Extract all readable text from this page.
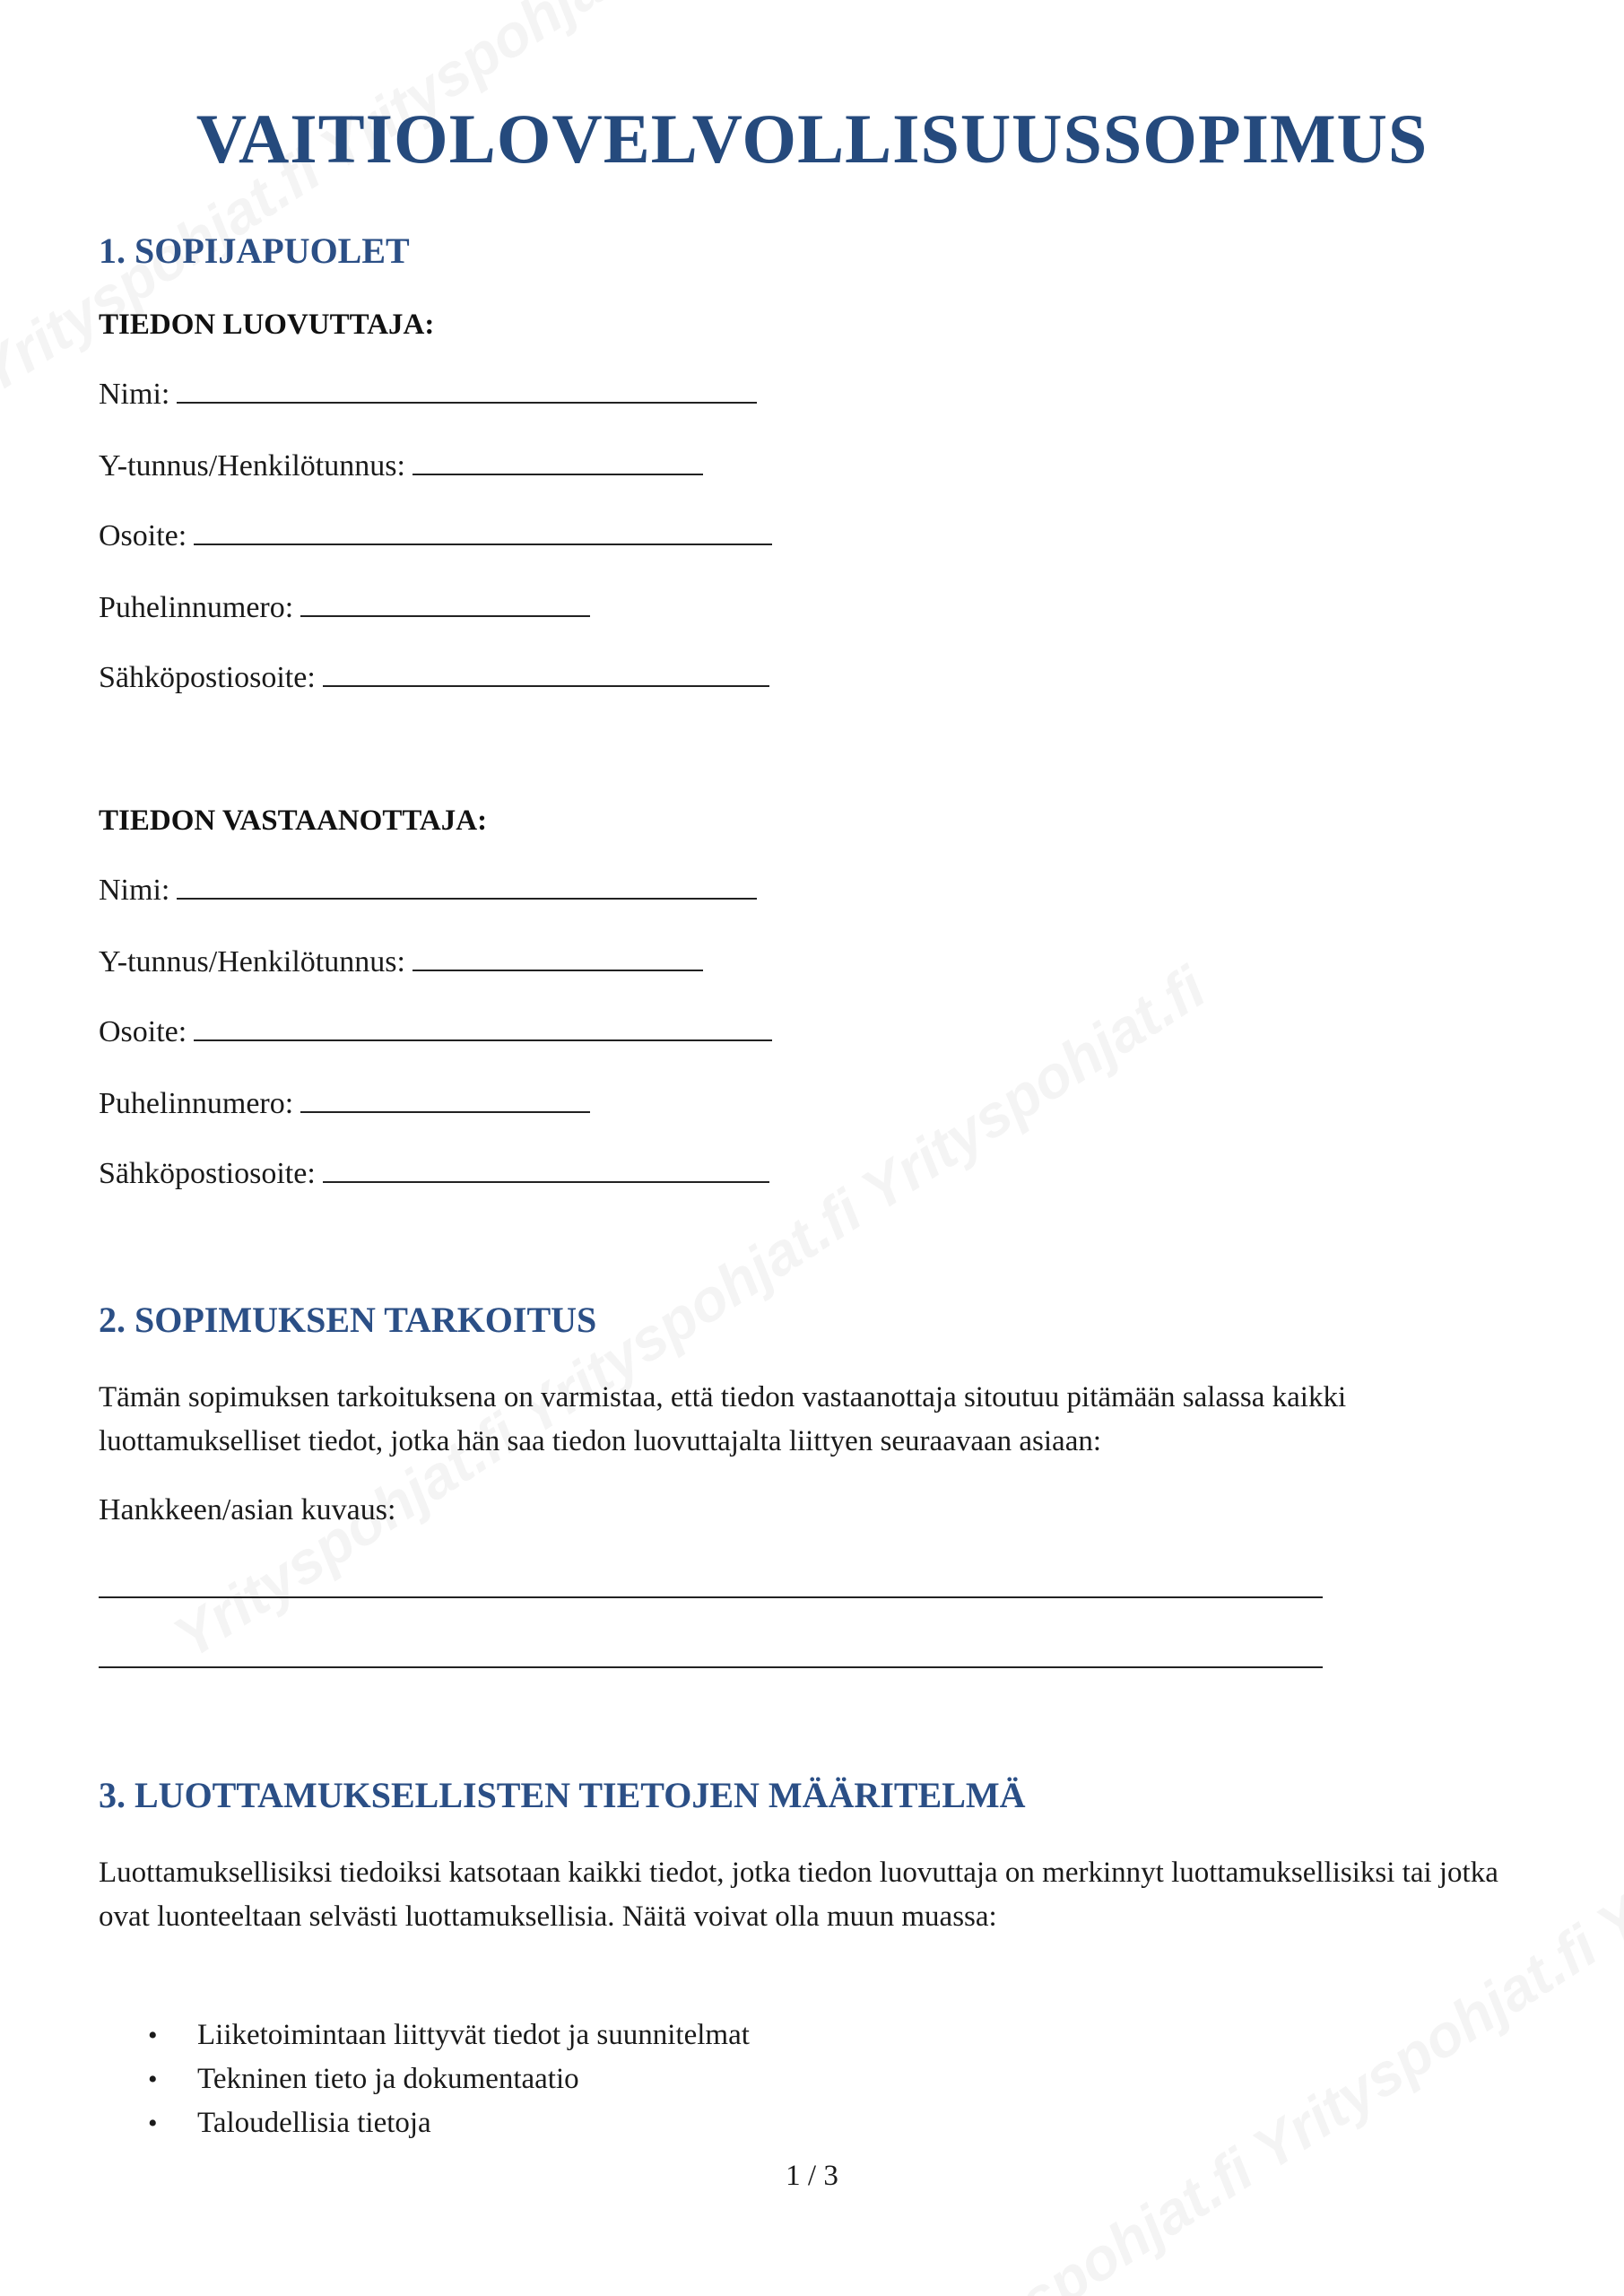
VAITIOLOVELVOLLISUUSSOPIMUS
1. SOPIJAPUOLET
TIEDON LUOVUTTAJA:
Nimi:
Y-tunnus/Henkilötunnus:
Osoite:
Puhelinnumero:
Sähköpostiosoite:
TIEDON VASTAANOTTAJA:
Nimi:
Y-tunnus/Henkilötunnus:
Osoite:
Puhelinnumero:
Sähköpostiosoite:
2. SOPIMUKSEN TARKOITUS

Tämän sopimuksen tarkoituksena on varmistaa, että tiedon vastaanottaja sitoutuu pitämään salassa kaikki luottamukselliset tiedot, jotka hän saa tiedon luovuttajalta liittyen seuraavaan asiaan:

Hankkeen/asian kuvaus:
3. LUOTTAMUKSELLISTEN TIETOJEN MÄÄRITELMÄ

Luottamuksellisiksi tiedoiksi katsotaan kaikki tiedot, jotka tiedon luovuttaja on merkinnyt luottamuksellisiksi tai jotka ovat luonteeltaan selvästi luottamuksellisia. Näitä voivat olla muun muassa:

• Liiketoimintaan liittyvät tiedot ja suunnitelmat
• Tekninen tieto ja dokumentaatio
• Taloudellisia tietoja
1 / 3
